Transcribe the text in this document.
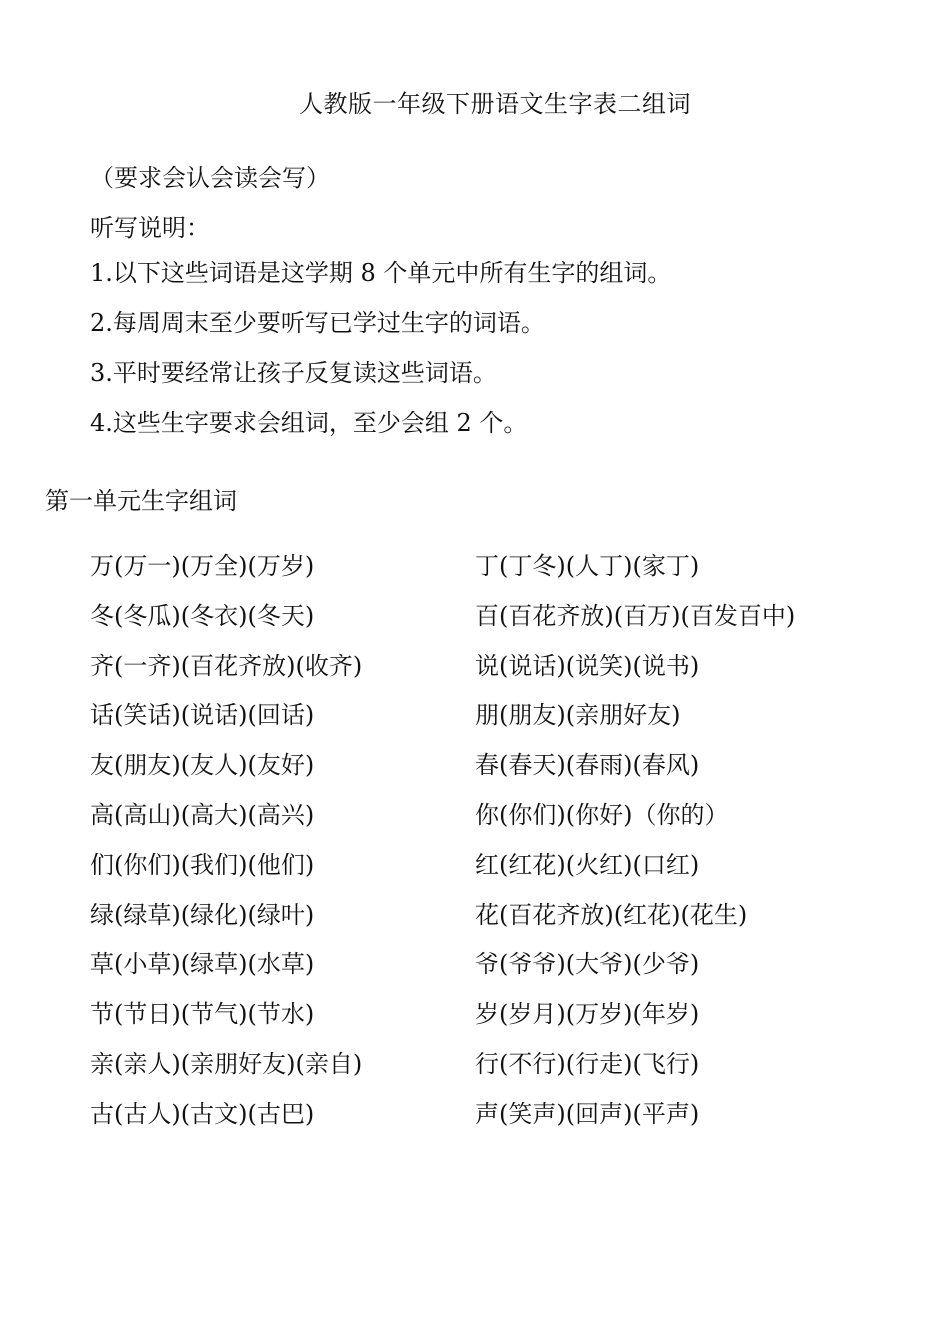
人教版一年级下册语文生字表二组词
（要求会认会读会写）
听写说明：
1.以下这些词语是这学期 8 个单元中所有生字的组词。
2.每周周末至少要听写已学过生字的词语。
3.平时要经常让孩子反复读这些词语。
4.这些生字要求会组词，至少会组 2 个。
第一单元生字组词
万(万一)(万全)(万岁)	丁(丁冬)(人丁)(家丁)
冬(冬瓜)(冬衣)(冬天)	百(百花齐放)(百万)(百发百中)
齐(一齐)(百花齐放)(收齐)	说(说话)(说笑)(说书)
话(笑话)(说话)(回话)	朋(朋友)(亲朋好友)
友(朋友)(友人)(友好)	春(春天)(春雨)(春风)
高(高山)(高大)(高兴)	你(你们)(你好)（你的）
们(你们)(我们)(他们)	红(红花)(火红)(口红)
绿(绿草)(绿化)(绿叶)	花(百花齐放)(红花)(花生)
草(小草)(绿草)(水草)	爷(爷爷)(大爷)(少爷)
节(节日)(节气)(节水)	岁(岁月)(万岁)(年岁)
亲(亲人)(亲朋好友)(亲自)	行(不行)(行走)(飞行)
古(古人)(古文)(古巴)	声(笑声)(回声)(平声)
